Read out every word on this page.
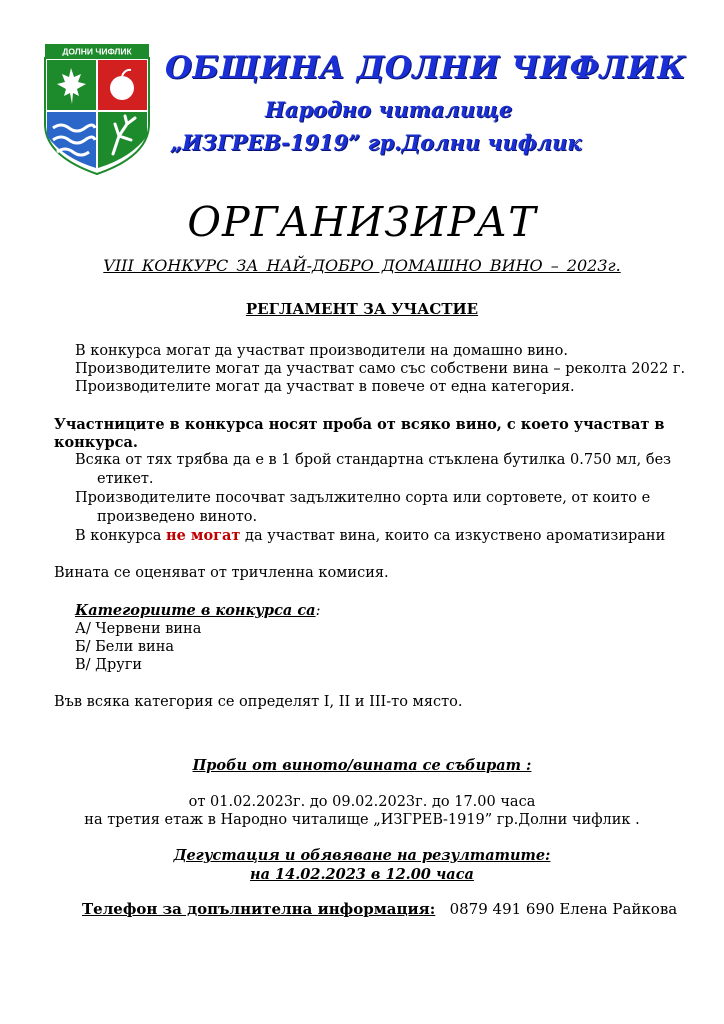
ДОЛНИ ЧИФЛИК ОБЩИНА ДОЛНИ ЧИФЛИК
Народно читалище
„ИЗГРЕВ-1919” гр.Долни чифлик
ОРГАНИЗИРАТ
VIII КОНКУРС ЗА НАЙ-ДОБРО ДОМАШНО ВИНО – 2023г.
РЕГЛАМЕНТ ЗА УЧАСТИЕ
В конкурса могат да участват производители на домашно вино.
Производителите могат да участват само със собствени вина – реколта 2022 г.
Производителите могат да участват в повече от една категория.
Участниците в конкурса носят проба от всяко вино, с което участват в
конкурса.
Всяка от тях трябва да е в 1 брой стандартна стъклена бутилка 0.750 мл, без
етикет.
Производителите посочват задължително сорта или сортовете, от които е
произведено виното.
В конкурса не могат да участват вина, които са изкуствено ароматизирани
Вината се оценяват от тричленна комисия.
Категориите в конкурса са:
А/ Червени вина
Б/ Бели вина
В/ Други
Във всяка категория се определят I, II и III-то място.
Проби от виното/вината се събират :
от 01.02.2023г. до 09.02.2023г. до 17.00 часа
на третия етаж в Народно читалище „ИЗГРЕВ-1919” гр.Долни чифлик .
Дегустация и обявяване на резултатите:
на 14.02.2023 в 12.00 часа
Телефон за допълнителна информация: 0879 491 690 Елена Райкова
